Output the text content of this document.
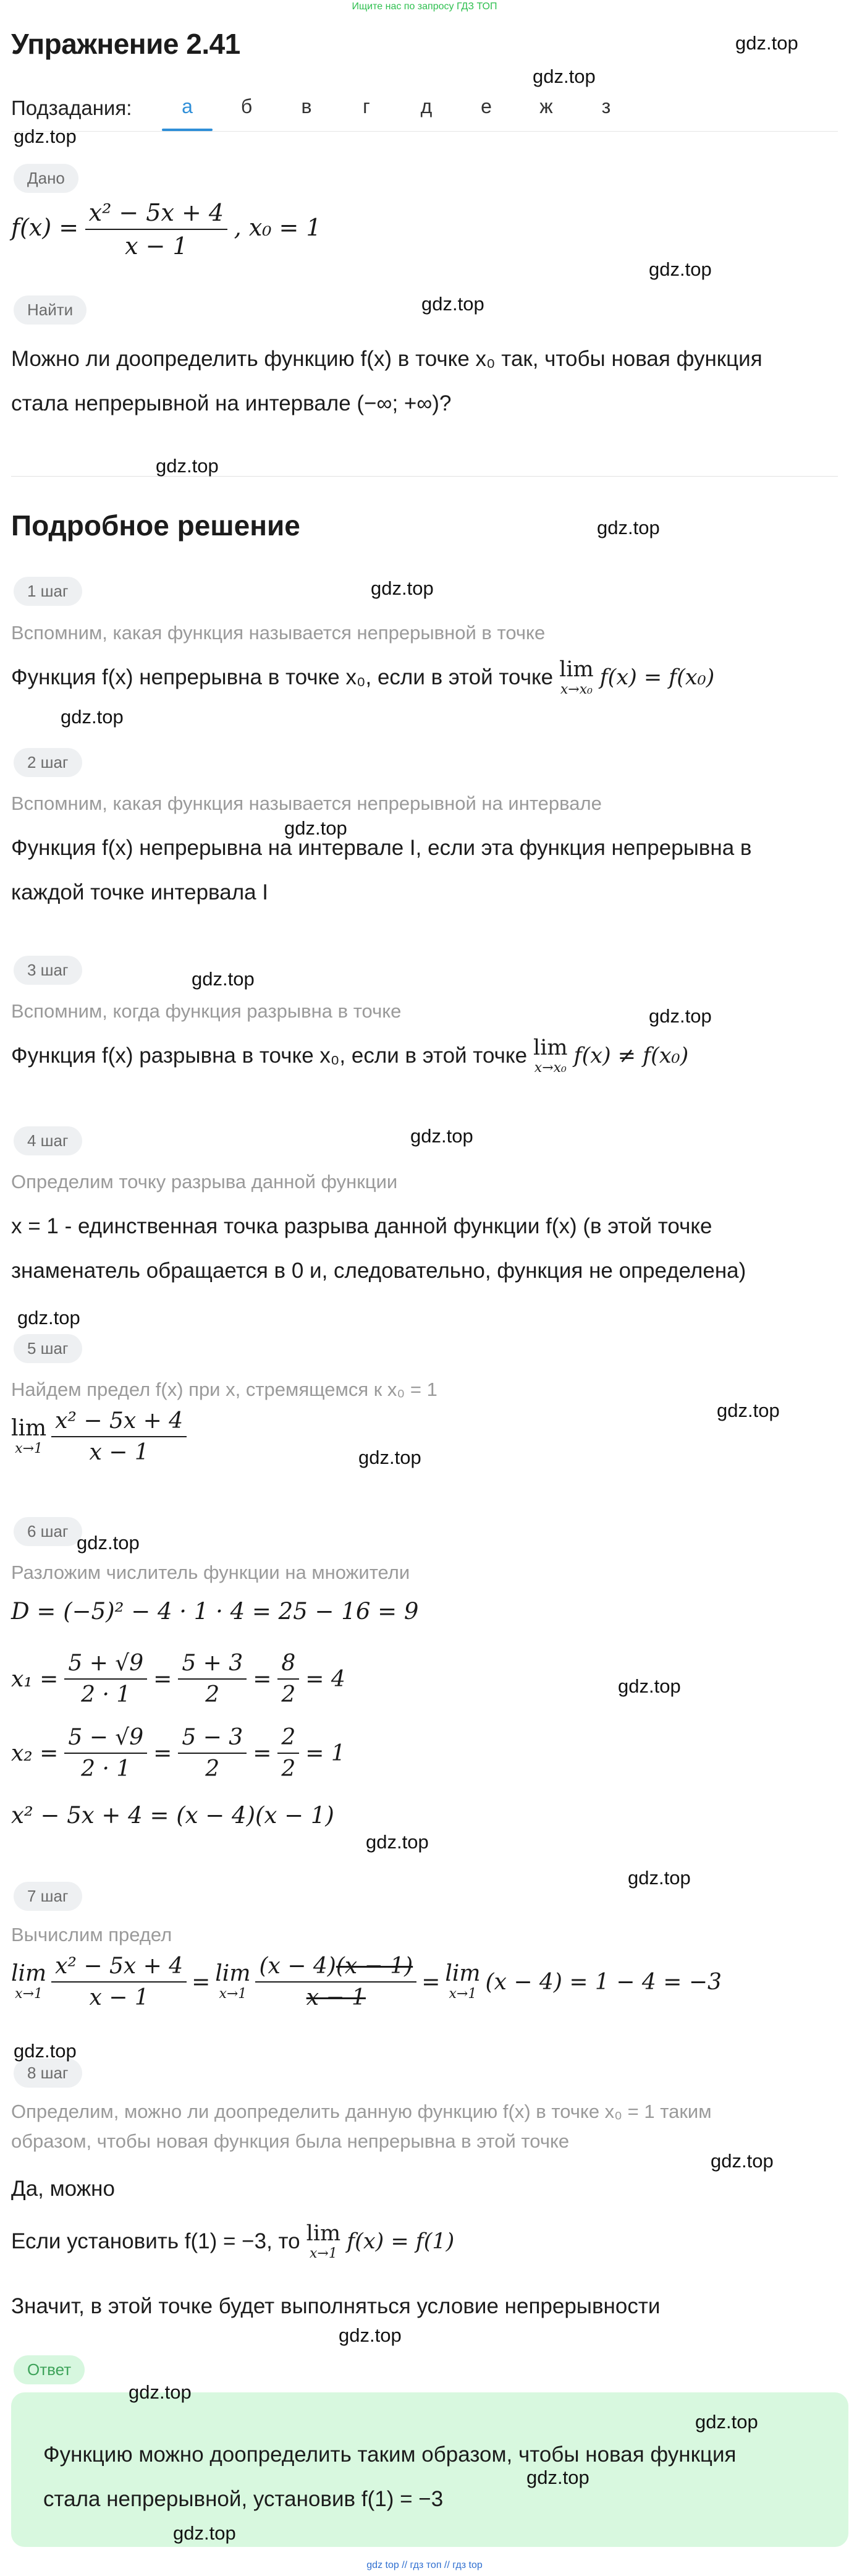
Ищите нас по запросу ГДЗ ТОП
Упражнение 2.41
Подзадания:	а	б	в	г	д	е	ж	з
Дано
$f(x) = \frac{\text{x² − 5x + 4}}{x - 1}$ , x₀ = 1
Найти
Можно ли доопределить функцию f(x) в точке x₀ так, чтобы новая функция
стала непрерывной на интервале (−∞; +∞)?
Подробное решение
1 шаг
Вспомним, какая функция называется непрерывной в точке
Функция f(x) непрерывна в точке x₀, если в этой точке lim
x→x₀ f(x) = f(x₀)
2 шаг
Вспомним, какая функция называется непрерывной на интервале
Функция f(x) непрерывна на интервале I, если эта функция непрерывна в
каждой точке интервала I
3 шаг
Вспомним, когда функция разрывна в точке
Функция f(x) разрывна в точке x₀, если в этой точке lim
x→x₀ f(x) ≠ f(x₀)
4 шаг
Определим точку разрыва данной функции
x = 1 - единственная точка разрыва данной функции f(x) (в этой точке
знаменатель обращается в 0 и, следовательно, функция не определена)
5 шаг
Найдем предел f(x) при x, стремящемся к x₀ = 1
lim
$x\to 1 \frac{\text{x² − 5x + 4}}{x - 1}$
6 шаг
Разложим числитель функции на множители
D = (−5)² − 4 · 1 · 4 = 25 − 16 = 9
$x_1 = \frac{5 + √9}{2 \cdot 1} = \frac{5 + 3}{2} = \frac{8}{2} = 4$
$x_2 = \frac{5 - √9}{2 \cdot 1} = \frac{5 - 3}{2} = \frac{2}{2} = 1$
x² − 5x + 4 = (x − 4)(x − 1)
7 шаг
Вычислим предел
lim
$x\to 1 \frac{\text{x² − 5x + 4}}{x - 1} = \lim$
$x\to 1 \frac{(x - 4)(x - 1)}{x - 1} = \lim$
x→1 (x − 4) = 1 − 4 = −3
8 шаг
Определим, можно ли доопределить данную функцию f(x) в точке x₀ = 1 таким
образом, чтобы новая функция была непрерывна в этой точке
Да, можно
Если установить f(1) = −3, то lim
x→1 f(x) = f(1)
Значит, в этой точке будет выполняться условие непрерывности
Ответ
Функцию можно доопределить таким образом, чтобы новая функция
стала непрерывной, установив f(1) = −3
gdz.top
gdz.top
gdz.top
gdz.top
gdz.top
gdz.top
gdz.top
gdz.top
gdz.top
gdz.top
gdz.top
gdz.top
gdz.top
gdz.top
gdz.top
gdz.top
gdz.top
gdz.top
gdz.top
gdz.top
gdz.top
gdz.top
gdz.top
gdz.top
gdz.top
gdz.top
gdz.top
gdz top // гдз топ // гдз top
